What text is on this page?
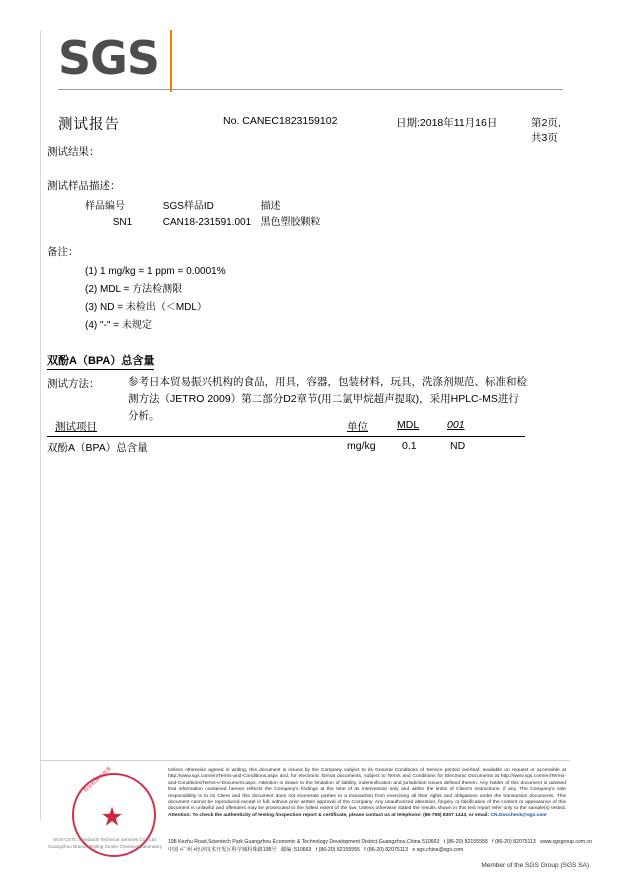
SGS
测试报告	No. CANEC1823159102	日期:2018年11月16日	第2页,共3页
测试结果：
测试样品描述：
样品编号	SGS样品ID	描述
SN1	CAN18-231591.001 黑色塑胶颗粒
备注：
(1) 1 mg/kg = 1 ppm = 0.0001%
(2) MDL = 方法检测限
(3) ND = 未检出（＜MDL）
(4) "-" = 未规定
双酚A（BPA）总含量
测试方法：	参考日本贸易振兴机构的食品，用具，容器，包装材料，玩具，洗涤剂规范、标准和检测方法（JETRO 2009）第二部分D2章节(用二氯甲烷超声提取)，采用HPLC-MS进行分析。
测试项目	单位	MDL	001
双酚A（BPA）总含量	mg/kg	0.1	ND
★
检验检测专用章
SGS-CSTC Standards Technical Services Co., Ltd.
Guangzhou Branch Testing Center Chemical Laboratory
Unless otherwise agreed in writing, this document is issued by the Company subject to its General Conditions of Service printed overleaf, available on request or accessible at http://www.sgs.com/en/Terms-and-Conditions.aspx and, for electronic format documents, subject to Terms and Conditions for Electronic Documents at http://www.sgs.com/en/Terms-and-Conditions/Terms-e-Document.aspx. Attention is drawn to the limitation of liability, indemnification and jurisdiction issues defined therein. Any holder of this document is advised that information contained hereon reflects the Company's findings at the time of its intervention only and within the limits of Client's instructions, if any. The Company's sole responsibility is to its Client and this document does not exonerate parties to a transaction from exercising all their rights and obligations under the transaction documents. This document cannot be reproduced except in full, without prior written approval of the Company. Any unauthorized alteration, forgery or falsification of the content or appearance of this document is unlawful and offenders may be prosecuted to the fullest extent of the law. Unless otherwise stated the results shown in this test report refer only to the sample(s) tested. Attention: To check the authenticity of testing /inspection report & certificate, please contact us at telephone: (86-755) 8307 1443, or email: CN.Doccheck@sgs.com
198 Kezhu Road,Scientech Park Guangzhou Economic & Technology Development District,Guangzhou,China 510663 t (86-20) 82155555 f (86-20) 82075113 www.sgsgroup.com.cn
中国 •广州 •经济技术开发区科学城科珠路198号 邮编: 510663 t (86-20) 82155555 f (86-20) 82075113 e sgs.china@sgs.com
Member of the SGS Group (SGS SA)
